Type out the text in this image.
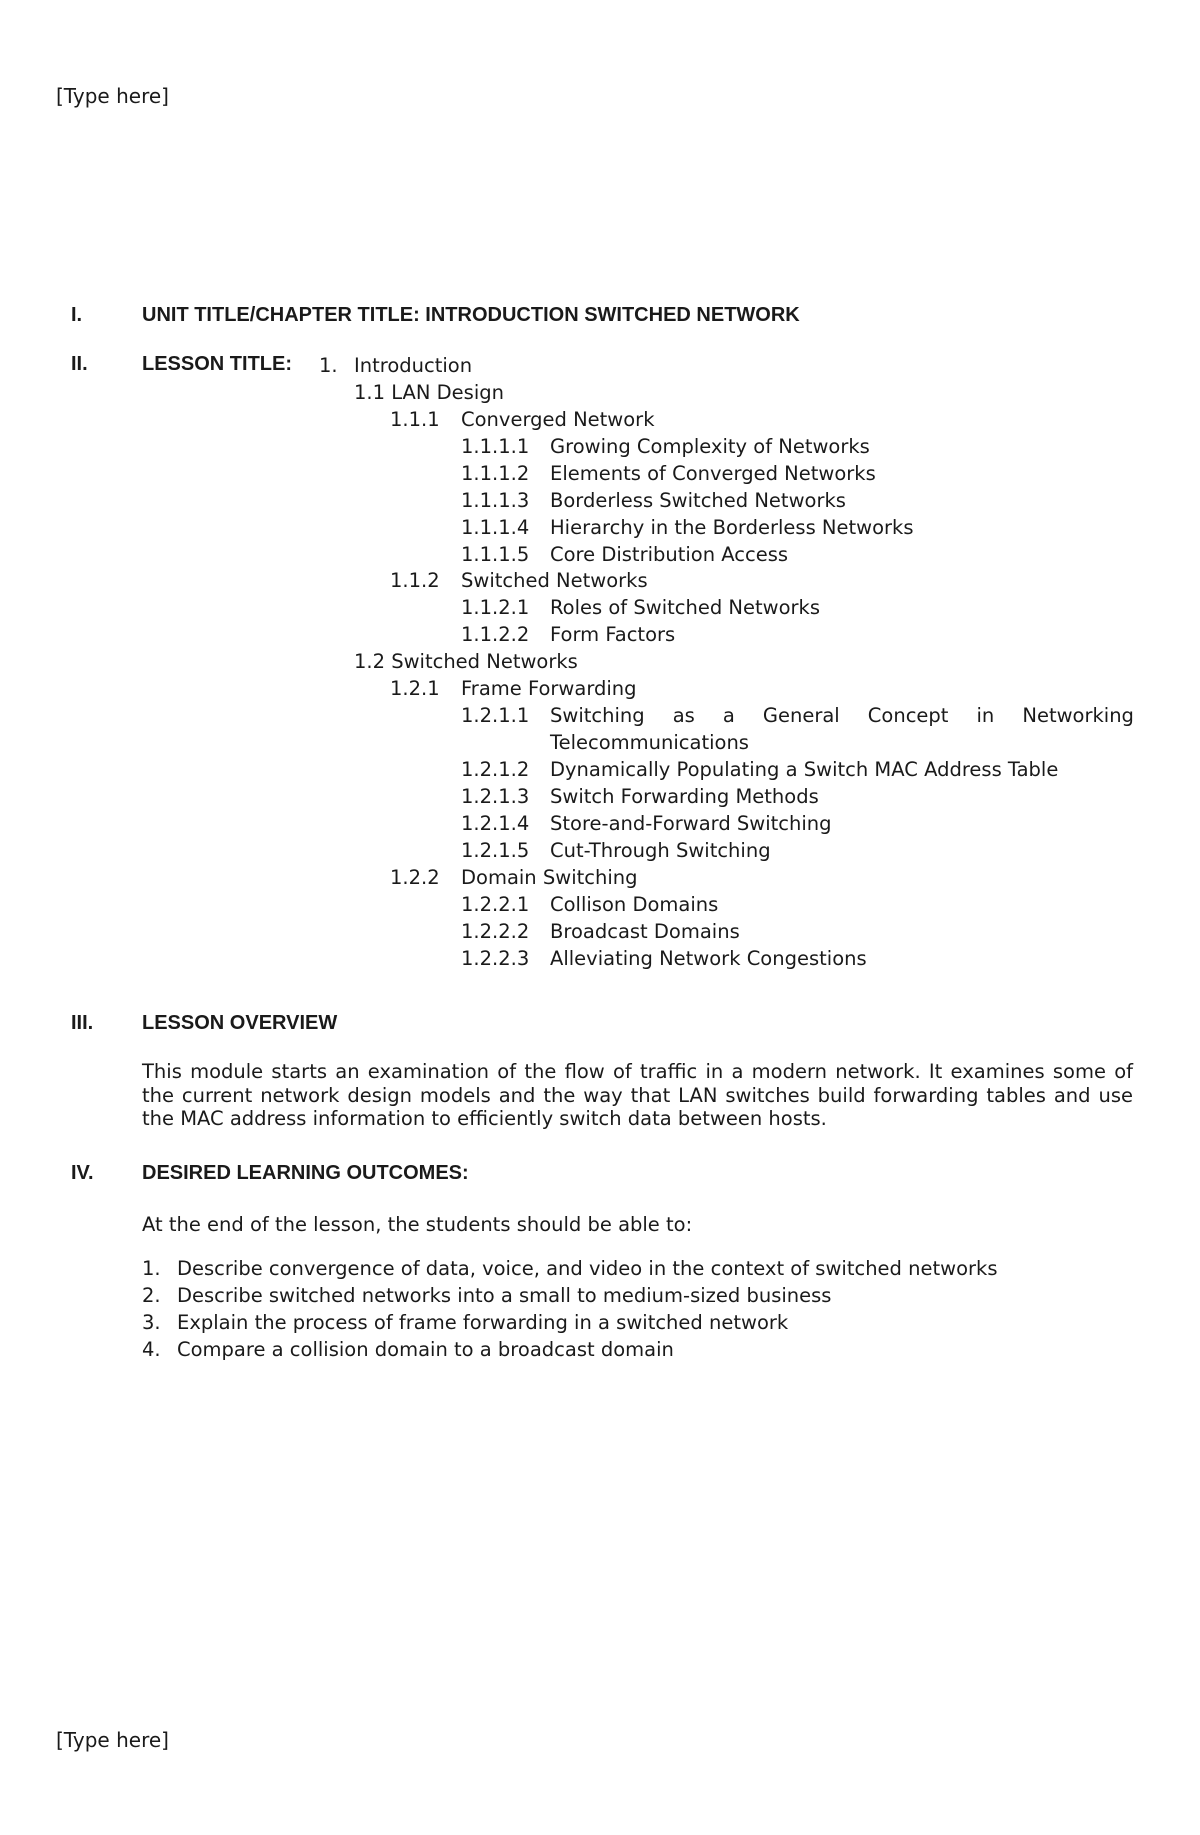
[Type here]
I.	UNIT TITLE/CHAPTER TITLE: INTRODUCTION SWITCHED NETWORK
II.	LESSON TITLE: 1. Introduction
1.1 LAN Design
1.1.1 Converged Network
1.1.1.1 Growing Complexity of Networks
1.1.1.2 Elements of Converged Networks
1.1.1.3 Borderless Switched Networks
1.1.1.4 Hierarchy in the Borderless Networks
1.1.1.5 Core Distribution Access
1.1.2 Switched Networks
1.1.2.1 Roles of Switched Networks
1.1.2.2 Form Factors
1.2 Switched Networks
1.2.1 Frame Forwarding
1.2.1.1 Switching as a General Concept in Networking
Telecommunications
1.2.1.2 Dynamically Populating a Switch MAC Address Table
1.2.1.3 Switch Forwarding Methods
1.2.1.4 Store-and-Forward Switching
1.2.1.5 Cut-Through Switching
1.2.2 Domain Switching
1.2.2.1 Collison Domains
1.2.2.2 Broadcast Domains
1.2.2.3 Alleviating Network Congestions
III. LESSON OVERVIEW
This module starts an examination of the flow of traffic in a modern network. It examines some of the current network design models and the way that LAN switches build forwarding tables and use the MAC address information to efficiently switch data between hosts.
IV. DESIRED LEARNING OUTCOMES:
At the end of the lesson, the students should be able to:
1. Describe convergence of data, voice, and video in the context of switched networks
2. Describe switched networks into a small to medium-sized business
3. Explain the process of frame forwarding in a switched network
4. Compare a collision domain to a broadcast domain
[Type here]
